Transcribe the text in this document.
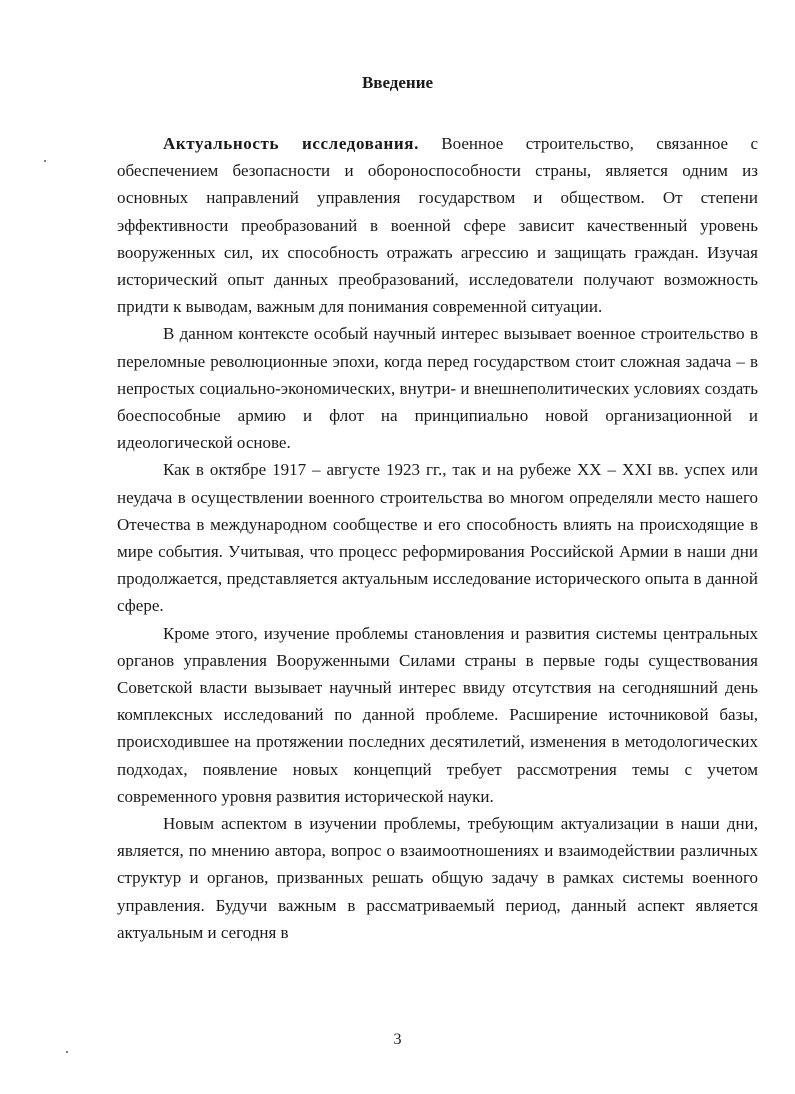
Введение

Актуальность исследования. Военное строительство, связанное с обеспечением безопасности и обороноспособности страны, является одним из основных направлений управления государством и обществом. От степени эффективности преобразований в военной сфере зависит качественный уровень вооруженных сил, их способность отражать агрессию и защищать граждан. Изучая исторический опыт данных преобразований, исследователи получают возможность придти к выводам, важным для понимания современной ситуации.

В данном контексте особый научный интерес вызывает военное строительство в переломные революционные эпохи, когда перед государством стоит сложная задача – в непростых социально-экономических, внутри- и внешнеполитических условиях создать боеспособные армию и флот на принципиально новой организационной и идеологической основе.

Как в октябре 1917 – августе 1923 гг., так и на рубеже XX – XXI вв. успех или неудача в осуществлении военного строительства во многом определяли место нашего Отечества в международном сообществе и его способность влиять на происходящие в мире события. Учитывая, что процесс реформирования Российской Армии в наши дни продолжается, представляется актуальным исследование исторического опыта в данной сфере.

Кроме этого, изучение проблемы становления и развития системы центральных органов управления Вооруженными Силами страны в первые годы существования Советской власти вызывает научный интерес ввиду отсутствия на сегодняшний день комплексных исследований по данной проблеме. Расширение источниковой базы, происходившее на протяжении последних десятилетий, изменения в методологических подходах, появление новых концепций требует рассмотрения темы с учетом современного уровня развития исторической науки.

Новым аспектом в изучении проблемы, требующим актуализации в наши дни, является, по мнению автора, вопрос о взаимоотношениях и взаимодействии различных структур и органов, призванных решать общую задачу в рамках системы военного управления. Будучи важным в рассматриваемый период, данный аспект является актуальным и сегодня в

3
